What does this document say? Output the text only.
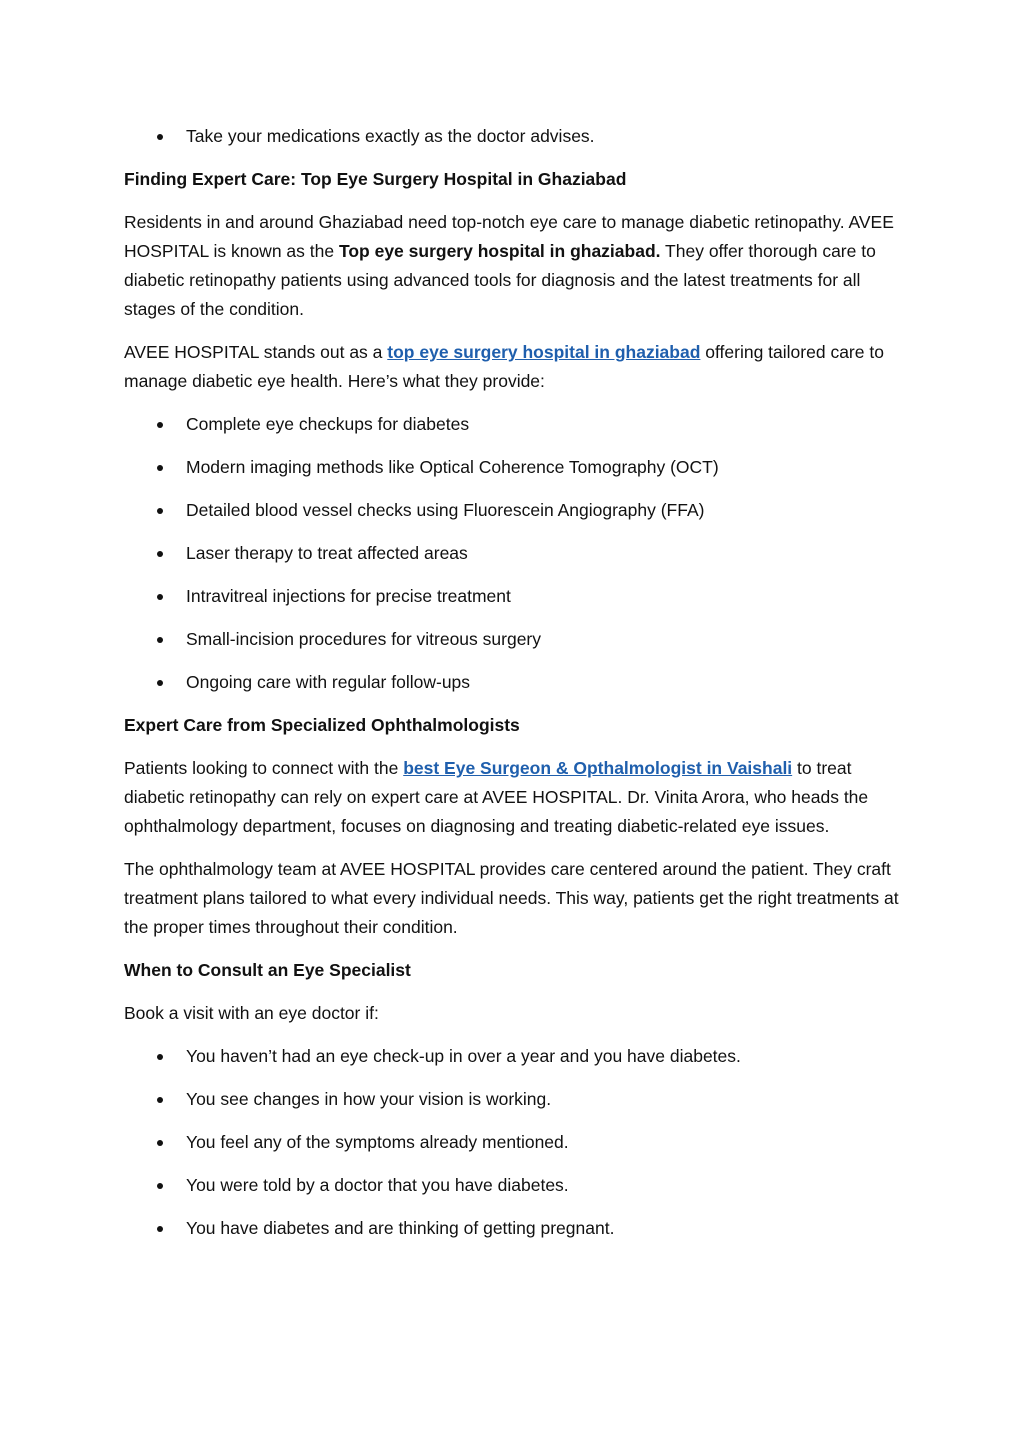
Take your medications exactly as the doctor advises.
Finding Expert Care: Top Eye Surgery Hospital in Ghaziabad

Residents in and around Ghaziabad need top-notch eye care to manage diabetic retinopathy. AVEE HOSPITAL is known as the Top eye surgery hospital in ghaziabad. They offer thorough care to diabetic retinopathy patients using advanced tools for diagnosis and the latest treatments for all stages of the condition.

AVEE HOSPITAL stands out as a top eye surgery hospital in ghaziabad offering tailored care to manage diabetic eye health. Here’s what they provide:

Complete eye checkups for diabetes
Modern imaging methods like Optical Coherence Tomography (OCT)
Detailed blood vessel checks using Fluorescein Angiography (FFA)
Laser therapy to treat affected areas
Intravitreal injections for precise treatment
Small-incision procedures for vitreous surgery
Ongoing care with regular follow-ups
Expert Care from Specialized Ophthalmologists

Patients looking to connect with the best Eye Surgeon & Opthalmologist in Vaishali to treat diabetic retinopathy can rely on expert care at AVEE HOSPITAL. Dr. Vinita Arora, who heads the ophthalmology department, focuses on diagnosing and treating diabetic-related eye issues.

The ophthalmology team at AVEE HOSPITAL provides care centered around the patient. They craft treatment plans tailored to what every individual needs. This way, patients get the right treatments at the proper times throughout their condition.

When to Consult an Eye Specialist

Book a visit with an eye doctor if:

You haven’t had an eye check-up in over a year and you have diabetes.
You see changes in how your vision is working.
You feel any of the symptoms already mentioned.
You were told by a doctor that you have diabetes.
You have diabetes and are thinking of getting pregnant.
